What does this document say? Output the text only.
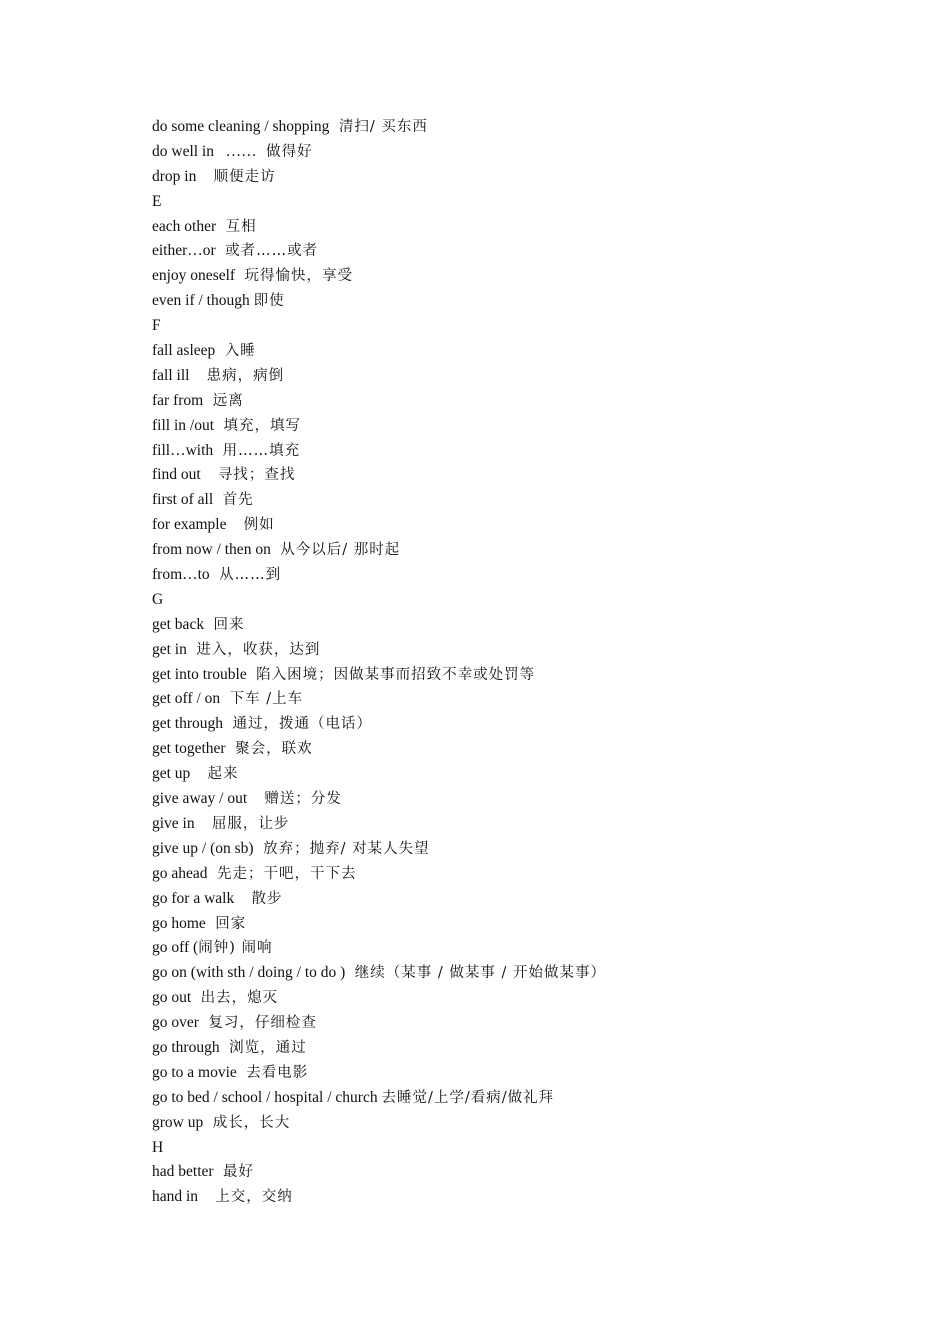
do some cleaning / shopping  清扫/ 买东西
do well in   ……  做得好
drop in    顺便走访
E
each other  互相
either…or  或者……或者
enjoy oneself  玩得愉快，享受
even if / though 即使
F
fall asleep  入睡
fall ill    患病，病倒
far from  远离
fill in /out  填充，填写
fill…with  用……填充
find out    寻找；查找
first of all  首先
for example    例如
from now / then on  从今以后/ 那时起
from…to  从……到
G
get back  回来
get in  进入，收获，达到
get into trouble  陷入困境；因做某事而招致不幸或处罚等
get off / on  下车 /上车
get through  通过，拨通（电话）
get together  聚会，联欢
get up    起来
give away / out    赠送；分发
give in    屈服，让步
give up / (on sb)  放弃；抛弃/ 对某人失望
go ahead  先走；干吧，干下去
go for a walk    散步
go home  回家
go off (闹钟) 闹响
go on (with sth / doing / to do )  继续（某事 / 做某事 / 开始做某事）
go out  出去，熄灭
go over  复习，仔细检查
go through  浏览，通过
go to a movie  去看电影
go to bed / school / hospital / church 去睡觉/上学/看病/做礼拜
grow up  成长，长大
H
had better  最好
hand in    上交，交纳
